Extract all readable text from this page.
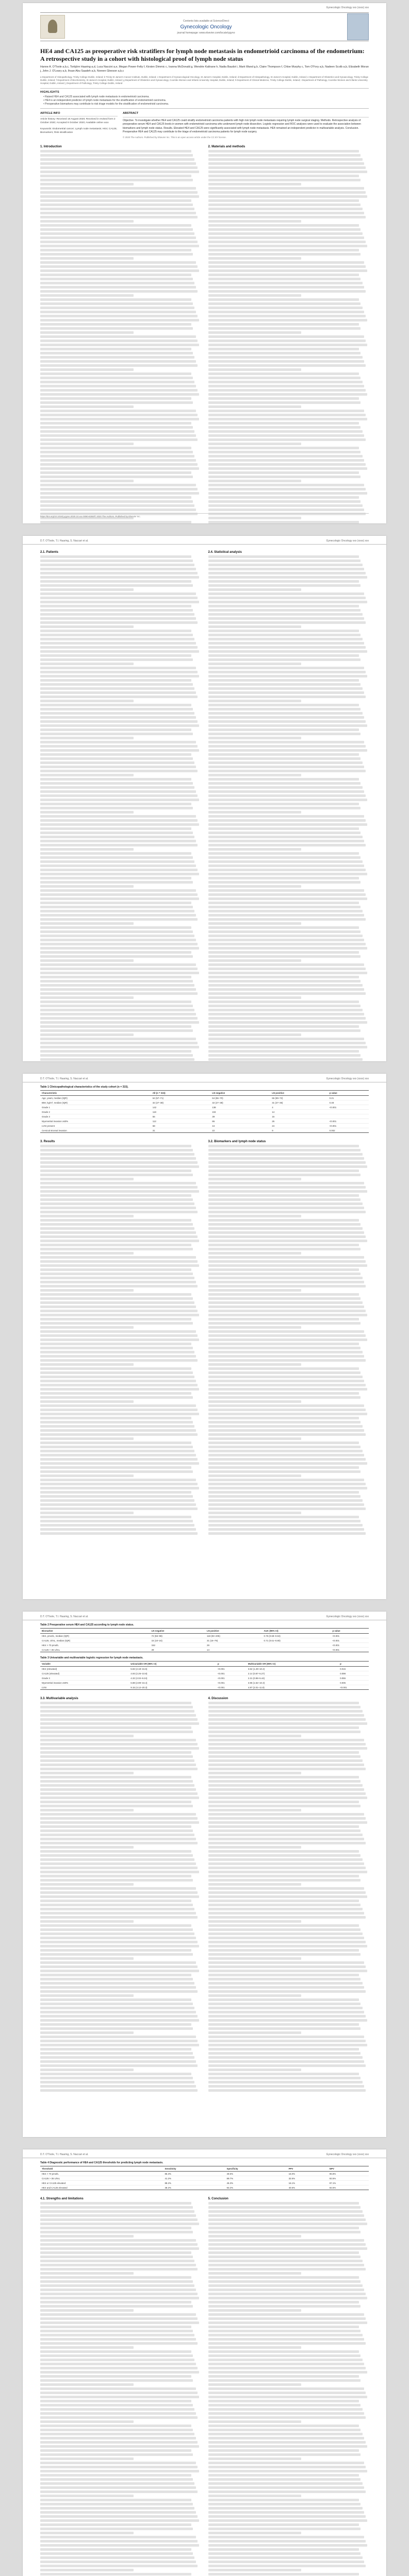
Gynecologic Oncology xxx (xxxx) xxx
Contents lists available at ScienceDirect
Gynecologic Oncology
journal homepage: www.elsevier.com/locate/ygyno
HE4 and CA125 as preoperative risk stratifiers for lymph node metastasis in endometrioid carcinoma of the endometrium: A retrospective study in a cohort with histological proof of lymph node status
Hanne A. O'Toole a,b,c, Torbjörn Haaring a,d, Luca Naccini a,e, Megan Power-Felty f, Kirsten Dimmic c, Ivanna McDonald g, Wendrie Kaltrane h, Nadia Baudot i, Mark Wand g,h, Claire Thompson f, Chloe Murphy c, Tom O'Fory a,b, Nadeen Scolb a,b, Elizabeth Moran j, John J. O'Leary a,b, Ihsan Abu Saadeh a,b, Noreen Gleeson a,b,c
a Department of Histopathology, Trinity College Dublin, Ireland; b Trinity St James's Cancer Institute, Dublin, Ireland; c Department of Gynaecological Oncology, St James's Hospital, Dublin, Ireland; d Department of Histopathology, St James's Hospital, Dublin, Ireland; e Department of Obstetrics and Gynaecology, Trinity College Dublin, Ireland; f Department of Biochemistry, St James's Hospital, Dublin, Ireland; g Department of Obstetrics and Gynaecology, Coombe Women and Infants University Hospital, Dublin, Ireland; h Department of Clinical Medicine, Trinity College Dublin, Ireland; i Department of Pathology, Coombe Women and Infants University Hospital, Dublin, Ireland; j Department of Pathology, Trinity College Dublin, Ireland
HIGHLIGHTS
• Raised HE4 and CA125 associated with lymph node metastasis in endometrioid carcinoma.
• HE4 is an independent predictor of lymph node metastasis for the stratification of endometrioid carcinoma.
• Preoperative biomarkers may contribute to risk triage models for the stratification of endometrioid carcinoma.
ARTICLE INFO
Article history: Received 18 August 2020; Received in revised form 2 October 2020; Accepted 9 October 2020; Available online xxxx
Keywords: Endometrial cancer; Lymph node metastasis; HE4; CA125; Biomarkers; Risk stratification
ABSTRACT
Objective. To investigate whether HE4 and CA125 could stratify endometrioid carcinoma patients with high risk lymph node metastasis requiring lymph node surgical staging. Methods. Retrospective analysis of preoperative serum HE4 and CA125 levels in women with endometrioid carcinoma who underwent lymph node dissection. Logistic regression and ROC analyses were used to evaluate the association between biomarkers and lymph node status. Results. Elevated HE4 and CA125 were significantly associated with lymph node metastasis. HE4 remained an independent predictor in multivariable analysis. Conclusion. Preoperative HE4 and CA125 may contribute to the triage of endometrioid carcinoma patients for lymph node surgery.
© 2020 The Authors. Published by Elsevier Inc. This is an open access article under the CC BY license.
1. Introduction	2. Materials and methods
https://doi.org/10.1016/j.ygyno.2020.10.xxx 0090-8258/© 2020 The Authors. Published by Elsevier Inc.
D.T. O'Toole, T.I. Haaring, S. Naccari et al.	Gynecologic Oncology xxx (xxxx) xxx
2.1. Patients	2.4. Statistical analysis
D.T. O'Toole, T.I. Haaring, S. Naccari et al.	Gynecologic Oncology xxx (xxxx) xxx
Table 1 Clinicopathological characteristics of the study cohort (n = 315).
Characteristic	All (n = 315)	LN negative	LN positive	p value
Age, years, median (IQR)	64 (57–71)	64 (56–70)	66 (59–72)	0.21
BMI, kg/m², median (IQR)	32 (27–38)	32 (27–38)	31 (27–36)	0.48
Grade 1	142	138	4	<0.001
Grade 2	118	104	14	
Grade 3	55	39	16	
Myometrial invasion ≥50%	112	86	26	<0.001
LVSI present	68	44	24	<0.001
Cervical stromal invasion	31	22	9	0.002
3. Results	3.2. Biomarkers and lymph node status
D.T. O'Toole, T.I. Haaring, S. Naccari et al.	Gynecologic Oncology xxx (xxxx) xxx
Table 2 Preoperative serum HE4 and CA125 according to lymph node status.
Biomarker	LN negative	LN positive	AUC (95% CI)	p value
HE4, pmol/L, median (IQR)	72 (56–98)	118 (83–205)	0.76 (0.68–0.84)	<0.001
CA125, U/mL, median (IQR)	15 (10–24)	31 (16–79)	0.71 (0.61–0.80)	<0.001
HE4 > 70 pmol/L	152	29		<0.001
CA125 > 35 U/mL	29	14		<0.001
Table 3 Univariable and multivariable logistic regression for lymph node metastasis.
Variable	Univariable OR (95% CI)	p	Multivariable OR (95% CI)	p
HE4 (elevated)	5.82 (2.18–15.5)	<0.001	3.62 (1.28–10.2)	0.015
CA125 (elevated)	4.93 (2.25–10.8)	<0.001	2.14 (0.87–5.27)	0.098
Grade 3	4.32 (2.02–9.24)	<0.001	2.31 (0.98–5.44)	0.055
Myometrial invasion ≥50%	6.88 (2.89–16.4)	<0.001	3.96 (1.52–10.3)	0.005
LVSI	9.15 (4.12–20.3)	<0.001	4.87 (2.01–11.8)	<0.001
3.3. Multivariable analysis	4. Discussion
D.T. O'Toole, T.I. Haaring, S. Naccari et al.	Gynecologic Oncology xxx (xxxx) xxx
Table 4 Diagnostic performance of HE4 and CA125 thresholds for predicting lymph node metastasis.
Threshold	Sensitivity	Specificity	PPV	NPV
HE4 > 70 pmol/L	85.3%	49.5%	16.0%	96.8%
CA125 > 35 U/mL	41.2%	89.7%	32.6%	92.6%
HE4 or CA125 elevated	88.2%	46.3%	16.1%	97.1%
HE4 and CA125 elevated	38.2%	93.2%	40.6%	92.6%
4.1. Strengths and limitations	5. Conclusion
